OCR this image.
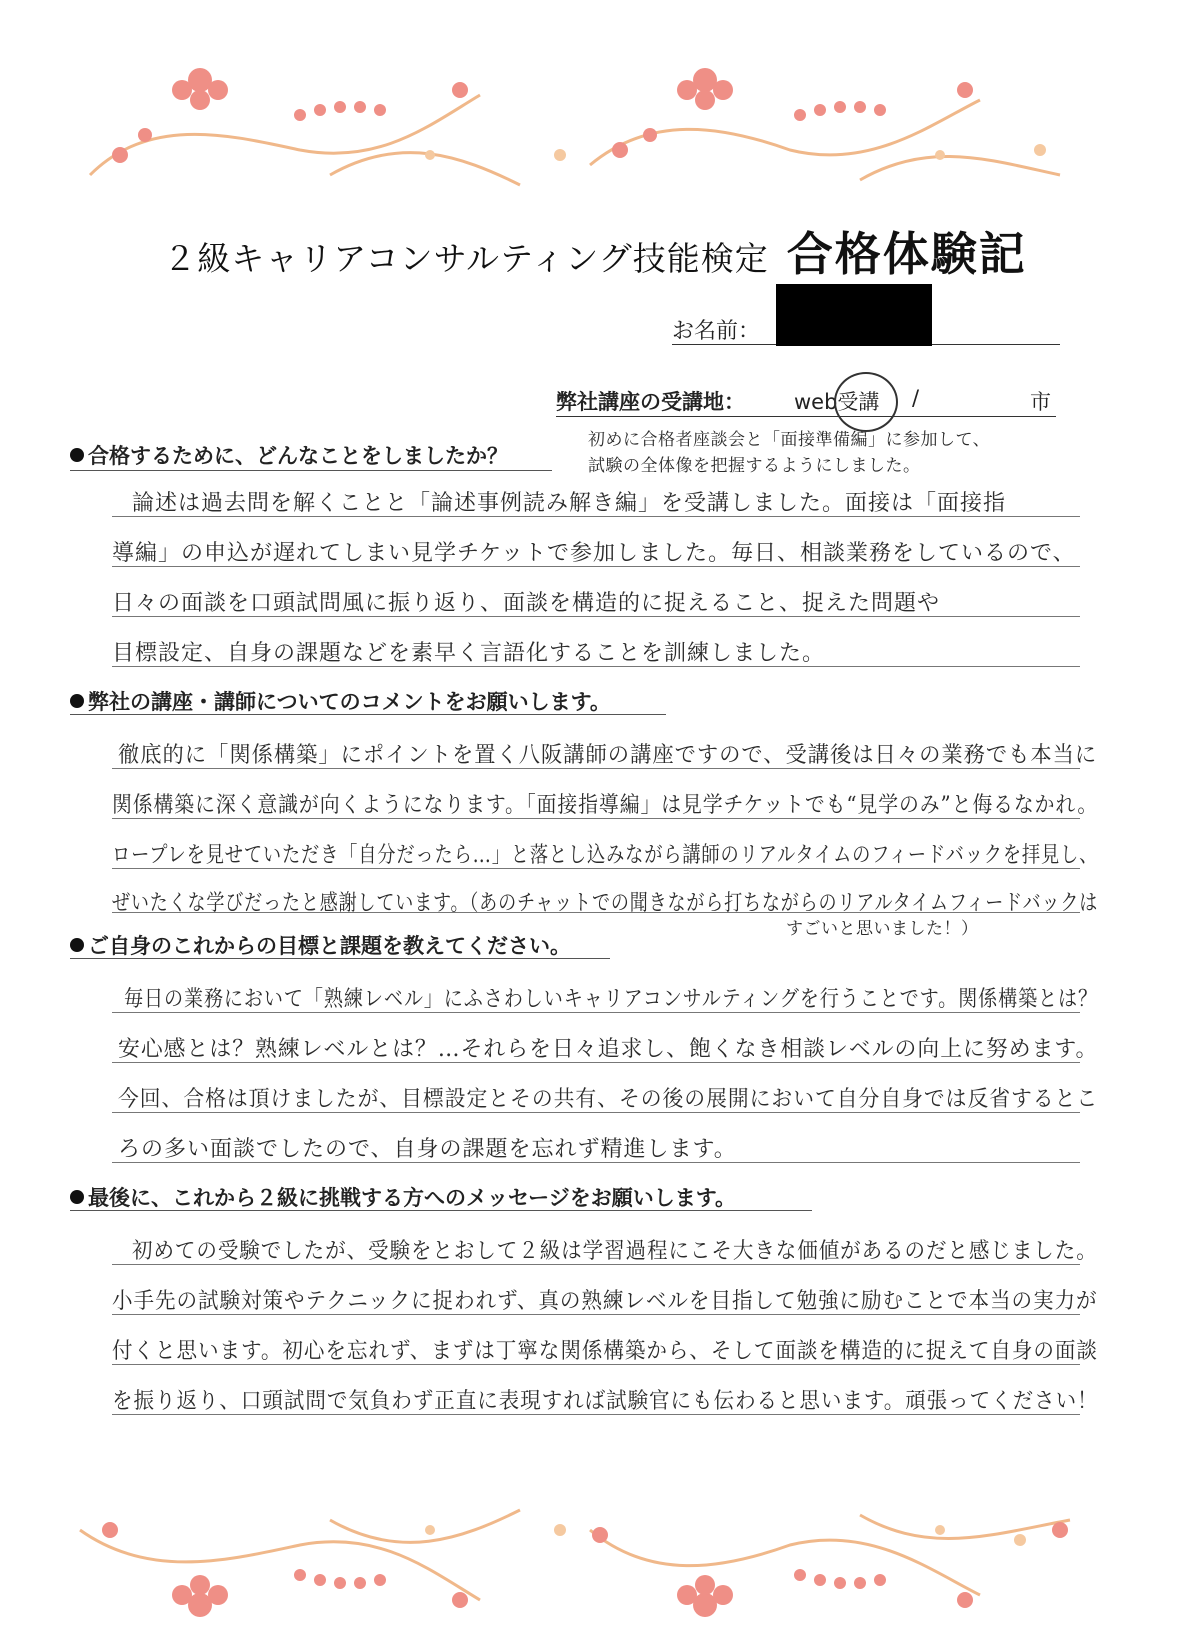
２級キャリアコンサルティング技能検定 合格体験記
お名前：
弊社講座の受講地： web受講 /	市
合格するために、どんなことをしましたか？
初めに合格者座談会と「面接準備編」に参加して、
試験の全体像を把握するようにしました。
論述は過去問を解くことと「論述事例読み解き編」を受講しました。面接は「面接指
導編」の申込が遅れてしまい見学チケットで参加しました。毎日、相談業務をしているので、
日々の面談を口頭試問風に振り返り、面談を構造的に捉えること、捉えた問題や
目標設定、自身の課題などを素早く言語化することを訓練しました。
弊社の講座・講師についてのコメントをお願いします。
徹底的に「関係構築」にポイントを置く八阪講師の講座ですので、受講後は日々の業務でも本当に
関係構築に深く意識が向くようになります。「面接指導編」は見学チケットでも“見学のみ”と侮るなかれ。
ロープレを見せていただき「自分だったら…」と落とし込みながら講師のリアルタイムのフィードバックを拝見し、
ぜいたくな学びだったと感謝しています。（あのチャットでの聞きながら打ちながらのリアルタイムフィードバックは
すごいと思いました！）
ご自身のこれからの目標と課題を教えてください。
毎日の業務において「熟練レベル」にふさわしいキャリアコンサルティングを行うことです。関係構築とは？
安心感とは？熟練レベルとは？…それらを日々追求し、飽くなき相談レベルの向上に努めます。
今回、合格は頂けましたが、目標設定とその共有、その後の展開において自分自身では反省するとこ
ろの多い面談でしたので、自身の課題を忘れず精進します。
最後に、これから２級に挑戦する方へのメッセージをお願いします。
初めての受験でしたが、受験をとおして２級は学習過程にこそ大きな価値があるのだと感じました。
小手先の試験対策やテクニックに捉われず、真の熟練レベルを目指して勉強に励むことで本当の実力が
付くと思います。初心を忘れず、まずは丁寧な関係構築から、そして面談を構造的に捉えて自身の面談
を振り返り、口頭試問で気負わず正直に表現すれば試験官にも伝わると思います。頑張ってください！
